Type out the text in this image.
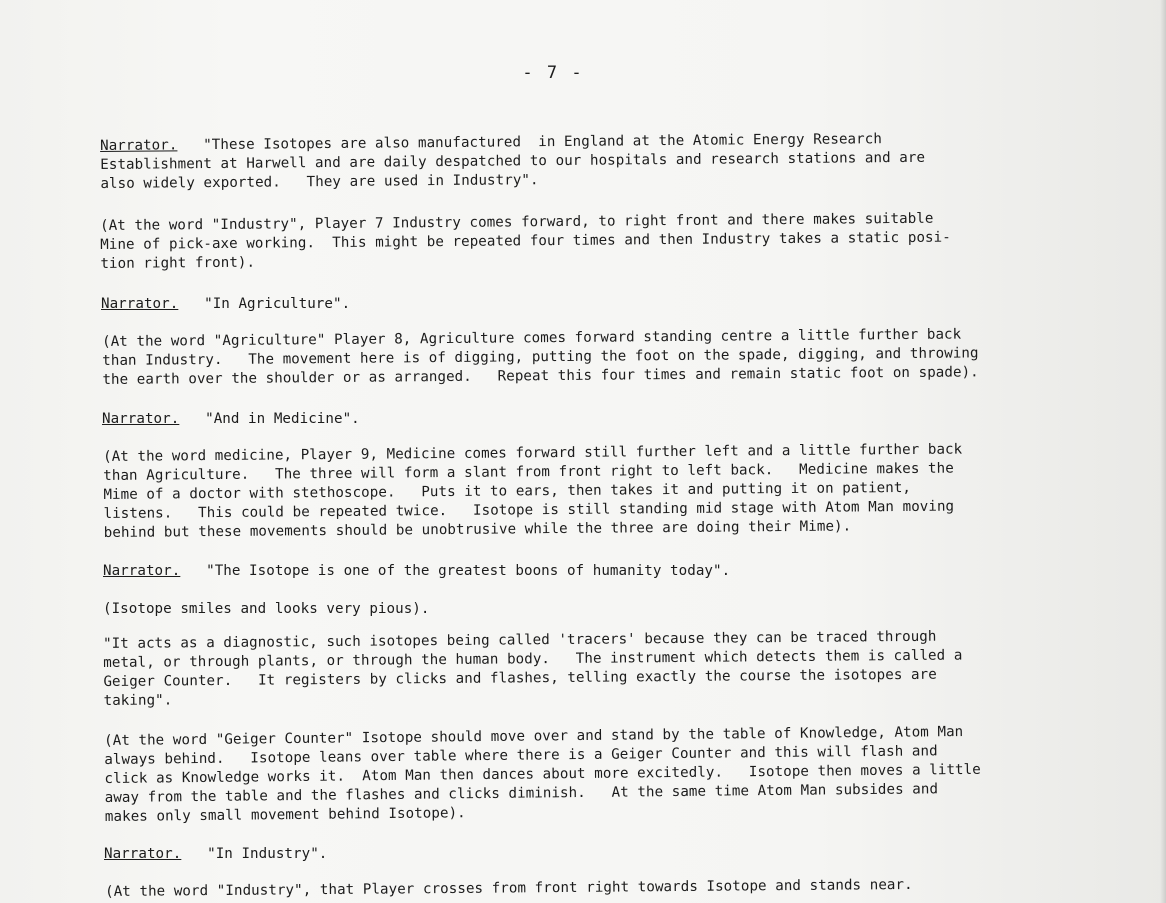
- 7 -
Narrator.   "These Isotopes are also manufactured  in England at the Atomic Energy Research
Establishment at Harwell and are daily despatched to our hospitals and research stations and are
also widely exported.   They are used in Industry".
(At the word "Industry", Player 7 Industry comes forward, to right front and there makes suitable
Mine of pick-axe working.  This might be repeated four times and then Industry takes a static posi-
tion right front).
Narrator.   "In Agriculture".
(At the word "Agriculture" Player 8, Agriculture comes forward standing centre a little further back
than Industry.   The movement here is of digging, putting the foot on the spade, digging, and throwing
the earth over the shoulder or as arranged.   Repeat this four times and remain static foot on spade).
Narrator.   "And in Medicine".
(At the word medicine, Player 9, Medicine comes forward still further left and a little further back
than Agriculture.   The three will form a slant from front right to left back.   Medicine makes the
Mime of a doctor with stethoscope.   Puts it to ears, then takes it and putting it on patient,
listens.   This could be repeated twice.   Isotope is still standing mid stage with Atom Man moving
behind but these movements should be unobtrusive while the three are doing their Mime).
Narrator.   "The Isotope is one of the greatest boons of humanity today".
(Isotope smiles and looks very pious).
"It acts as a diagnostic, such isotopes being called 'tracers' because they can be traced through
metal, or through plants, or through the human body.   The instrument which detects them is called a
Geiger Counter.   It registers by clicks and flashes, telling exactly the course the isotopes are
taking".
(At the word "Geiger Counter" Isotope should move over and stand by the table of Knowledge, Atom Man
always behind.   Isotope leans over table where there is a Geiger Counter and this will flash and
click as Knowledge works it.  Atom Man then dances about more excitedly.   Isotope then moves a little
away from the table and the flashes and clicks diminish.   At the same time Atom Man subsides and
makes only small movement behind Isotope).
Narrator.   "In Industry".
(At the word "Industry", that Player crosses from front right towards Isotope and stands near.
